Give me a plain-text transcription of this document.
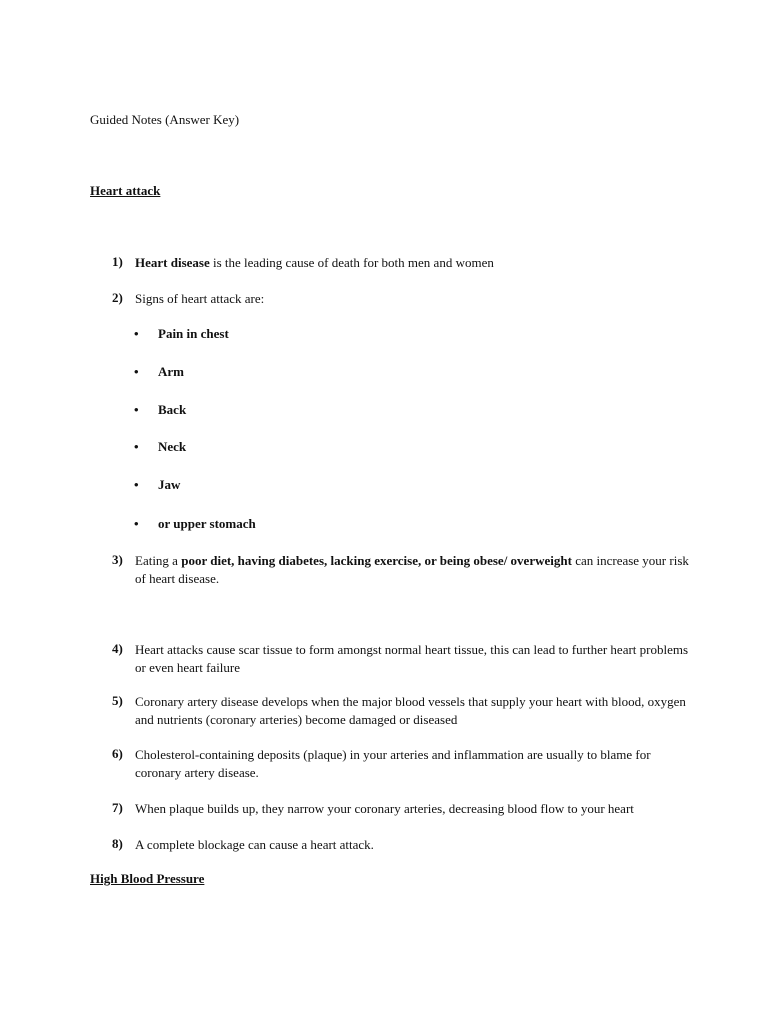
Guided Notes (Answer Key)
Heart attack
1) Heart disease is the leading cause of death for both men and women
2) Signs of heart attack are:
• Pain in chest
• Arm
• Back
• Neck
• Jaw
• or upper stomach
3) Eating a poor diet, having diabetes, lacking exercise, or being obese/ overweight can increase your risk of heart disease.
4) Heart attacks cause scar tissue to form amongst normal heart tissue, this can lead to further heart problems or even heart failure
5) Coronary artery disease develops when the major blood vessels that supply your heart with blood, oxygen and nutrients (coronary arteries) become damaged or diseased
6) Cholesterol-containing deposits (plaque) in your arteries and inflammation are usually to blame for coronary artery disease.
7) When plaque builds up, they narrow your coronary arteries, decreasing blood flow to your heart
8) A complete blockage can cause a heart attack.
High Blood Pressure
